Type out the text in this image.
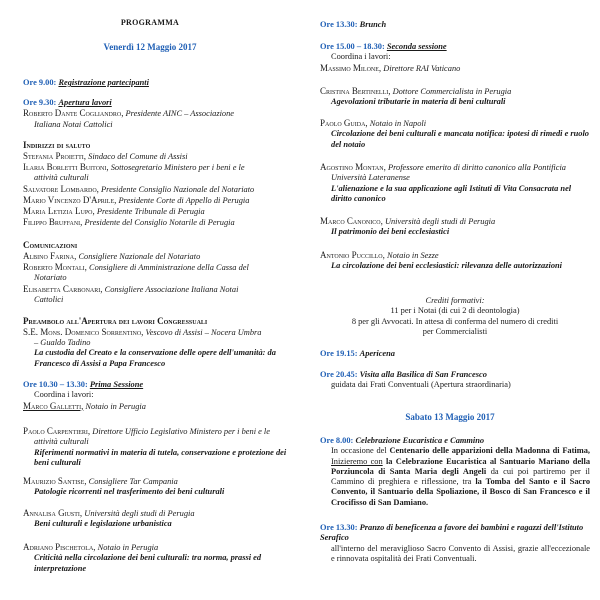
PROGRAMMA
Venerdì 12 Maggio 2017
Ore 9.00: Registrazione partecipanti

Ore 9.30: Apertura lavori

Roberto Dante Cogliandro, Presidente AINC – Associazione

Italiana Notai Cattolici

Indirizzi di saluto

Stefania Proietti, Sindaco del Comune di Assisi

Ilaria Borletti Buitoni, Sottosegretario Ministero per i beni e le

attività culturali

Salvatore Lombardo, Presidente Consiglio Nazionale del Notariato

Mario Vincenzo D'Aprile, Presidente Corte di Appello di Perugia

Maria Letizia Lupo, Presidente Tribunale di Perugia

Filippo Bruffani, Presidente del Consiglio Notarile di Perugia

Comunicazioni

Albino Farina, Consigliere Nazionale del Notariato

Roberto Montali, Consigliere di Amministrazione della Cassa del

Notariato

Elisabetta Carbonari, Consigliere Associazione Italiana Notai

Cattolici

Preambolo all'Apertura dei lavori Congressuali

S.E. Mons. Domenico Sorrentino, Vescovo di Assisi – Nocera Umbra

– Gualdo Tadino

La custodia del Creato e la conservazione delle opere dell'umanità: da Francesco di Assisi a Papa Francesco

Ore 10.30 – 13.30: Prima Sessione

Coordina i lavori:

Marco Galletti, Notaio in Perugia

Paolo Carpentieri, Direttore Ufficio Legislativo Ministero per i beni e le

attività culturali

Riferimenti normativi in materia di tutela, conservazione e protezione dei beni culturali

Maurizio Santise, Consigliere Tar Campania

Patologie ricorrenti nel trasferimento dei beni culturali

Annalisa Giusti, Università degli studi di Perugia

Beni culturali e legislazione urbanistica

Adriano Pischetola, Notaio in Perugia

Criticità nella circolazione dei beni culturali: tra norma, prassi ed interpretazione

Ore 13.30: Brunch

Ore 15.00 – 18.30: Seconda sessione

Coordina i lavori:

Massimo Milone, Direttore RAI Vaticano

Cristina Bertinelli, Dottore Commercialista in Perugia

Agevolazioni tributarie in materia di beni culturali

Paolo Guida, Notaio in Napoli

Circolazione dei beni culturali e mancata notifica: ipotesi di rimedi e ruolo del notaio

Agostino Montan, Professore emerito di diritto canonico alla Pontificia

Università Lateranense

L'alienazione e la sua applicazione agli Istituti di Vita Consacrata nel diritto canonico

Marco Canonico, Università degli studi di Perugia

Il patrimonio dei beni ecclesiastici

Antonio Puccillo, Notaio in Sezze

La circolazione dei beni ecclesiastici: rilevanza delle autorizzazioni

Crediti formativi:

11 per i Notai (di cui 2 di deontologia)

8 per gli Avvocati. In attesa di conferma del numero di crediti

per Commercialisti

Ore 19.15: Apericena

Ore 20.45: Visita alla Basilica di San Francesco

guidata dai Frati Conventuali (Apertura straordinaria)

Sabato 13 Maggio 2017

Ore 8.00: Celebrazione Eucaristica e Cammino

In occasione del Centenario delle apparizioni della Madonna di Fatima, Inizieremo con la Celebrazione Eucaristica al Santuario Mariano della Porziuncola di Santa Maria degli Angeli da cui poi partiremo per il Cammino di preghiera e riflessione, tra la Tomba del Santo e il Sacro Convento, il Santuario della Spoliazione, il Bosco di San Francesco e il Crocifisso di San Damiano.

Ore 13.30: Pranzo di beneficenza a favore dei bambini e ragazzi dell'Istituto Serafico

all'interno del meraviglioso Sacro Convento di Assisi, grazie all'eccezionale e rinnovata ospitalità dei Frati Conventuali.
